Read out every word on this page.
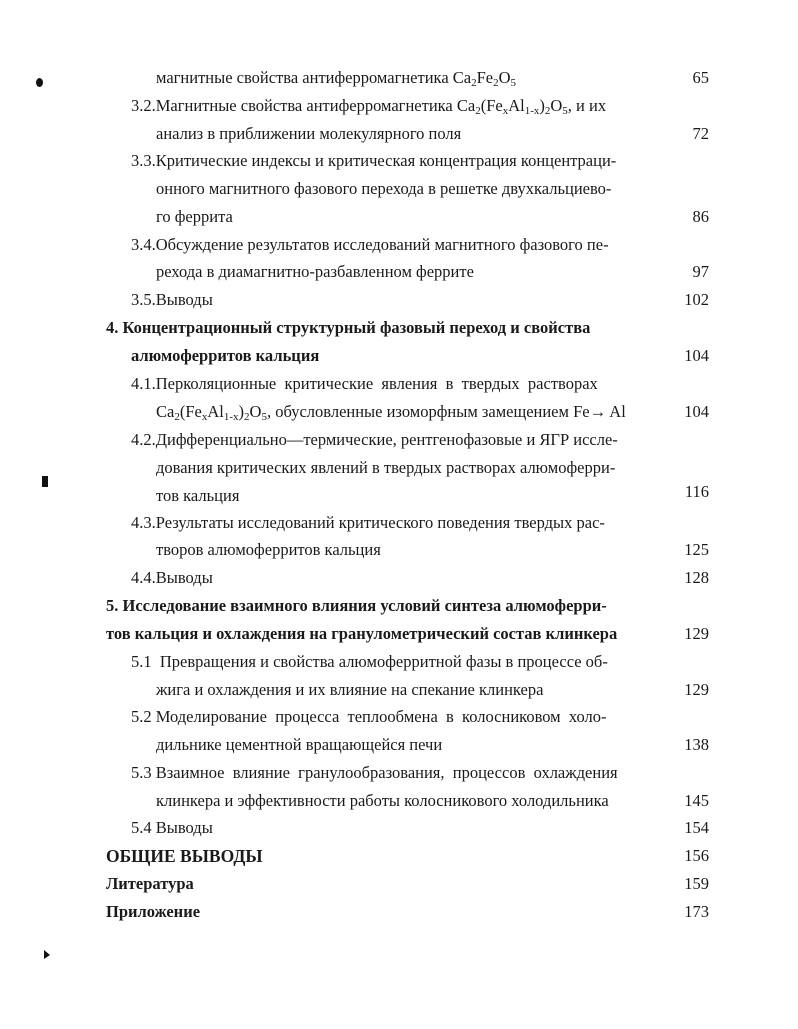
магнитные свойства антиферромагнетика $Ca_2Fe_2O_5$	65
3.2.Магнитные свойства антиферромагнетика $Ca_2(Fe_xAl_{1-x})_2O_5$, и их
анализ в приближении молекулярного поля	72
3.3.Критические индексы и критическая концентрация концентраци-
онного магнитного фазового перехода в решетке двухкальциево-
го феррита	86
3.4.Обсуждение результатов исследований магнитного фазового пе-
рехода в диамагнитно-разбавленном феррите	97
3.5.Выводы	102
4. Концентрационный структурный фазовый переход и свойства
алюмоферритов кальция	104
4.1.Перколяционные  критические  явления  в  твердых  растворах
$Ca_2(Fe_xAl_{1-x})_2O_5$, обусловленные изоморфным замещением Fe→ Al	104
4.2.Дифференциально—термические, рентгенофазовые и ЯГР иссле-
дования критических явлений в твердых растворах алюмоферри-
тов кальция	116
4.3.Результаты исследований критического поведения твердых рас-
творов алюмоферритов кальция	125
4.4.Выводы	128
5. Исследование взаимного влияния условий синтеза алюмоферри-
тов кальция и охлаждения на гранулометрический состав клинкера	129
5.1  Превращения и свойства алюмоферритной фазы в процессе об-
жига и охлаждения и их влияние на спекание клинкера	129
5.2 Моделирование  процесса  теплообмена  в  колосниковом  холо-
дильнике цементной вращающейся печи	138
5.3 Взаимное  влияние  гранулообразования,  процессов  охлаждения
клинкера и эффективности работы колосникового холодильника	145
5.4 Выводы	154
ОБЩИЕ ВЫВОДЫ	156
Литература	159
Приложение	173
